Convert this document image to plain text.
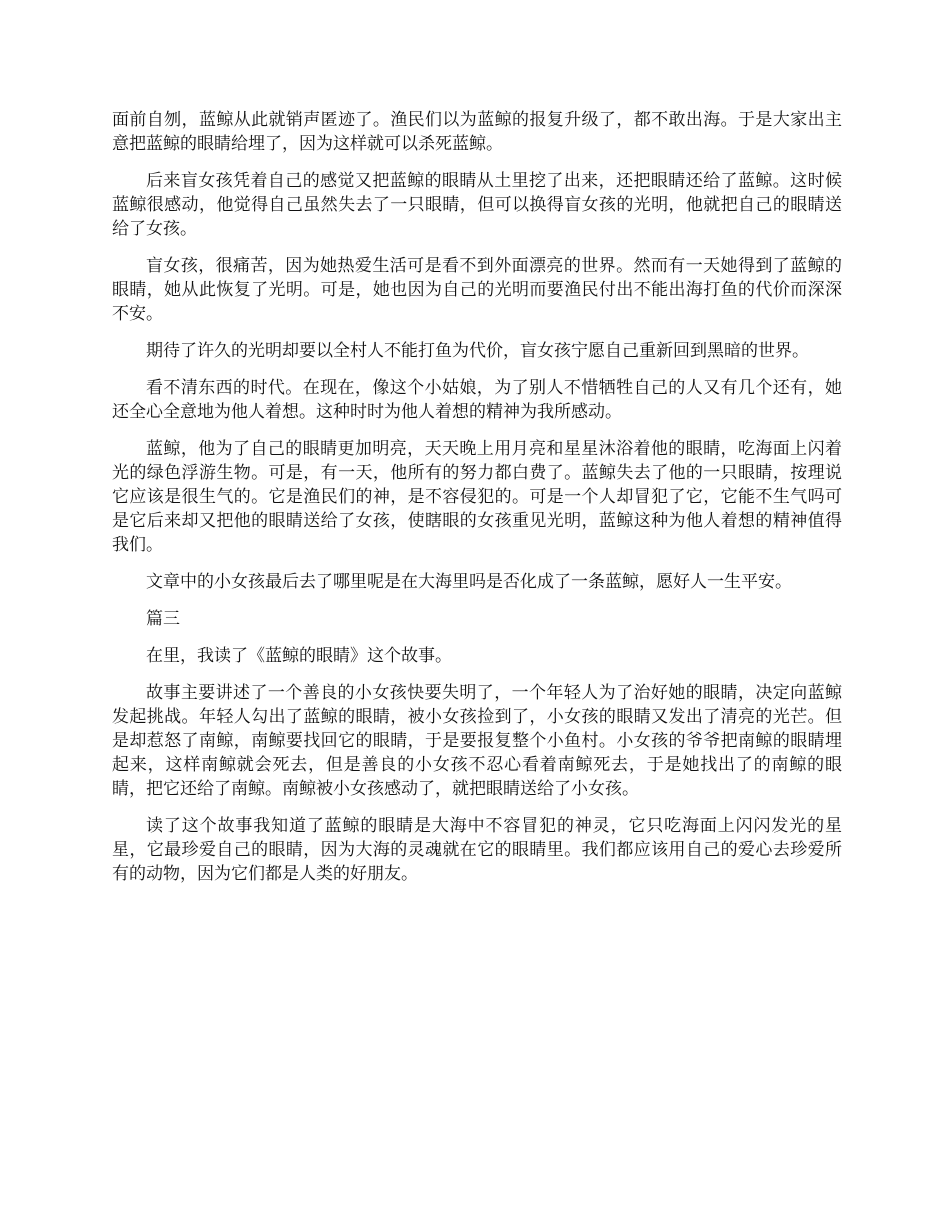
面前自刎，蓝鲸从此就销声匿迹了。渔民们以为蓝鲸的报复升级了，都不敢出海。于是大家出主意把蓝鲸的眼睛给埋了，因为这样就可以杀死蓝鲸。

后来盲女孩凭着自己的感觉又把蓝鲸的眼睛从土里挖了出来，还把眼睛还给了蓝鲸。这时候蓝鲸很感动，他觉得自己虽然失去了一只眼睛，但可以换得盲女孩的光明，他就把自己的眼睛送给了女孩。

盲女孩，很痛苦，因为她热爱生活可是看不到外面漂亮的世界。然而有一天她得到了蓝鲸的眼睛，她从此恢复了光明。可是，她也因为自己的光明而要渔民付出不能出海打鱼的代价而深深不安。

期待了许久的光明却要以全村人不能打鱼为代价，盲女孩宁愿自己重新回到黑暗的世界。

看不清东西的时代。在现在，像这个小姑娘，为了别人不惜牺牲自己的人又有几个还有，她还全心全意地为他人着想。这种时时为他人着想的精神为我所感动。

蓝鲸，他为了自己的眼睛更加明亮，天天晚上用月亮和星星沐浴着他的眼睛，吃海面上闪着光的绿色浮游生物。可是，有一天，他所有的努力都白费了。蓝鲸失去了他的一只眼睛，按理说它应该是很生气的。它是渔民们的神，是不容侵犯的。可是一个人却冒犯了它，它能不生气吗可是它后来却又把他的眼睛送给了女孩，使瞎眼的女孩重见光明，蓝鲸这种为他人着想的精神值得我们。

文章中的小女孩最后去了哪里呢是在大海里吗是否化成了一条蓝鲸，愿好人一生平安。

篇三

在里，我读了《蓝鲸的眼睛》这个故事。

故事主要讲述了一个善良的小女孩快要失明了，一个年轻人为了治好她的眼睛，决定向蓝鲸发起挑战。年轻人勾出了蓝鲸的眼睛，被小女孩捡到了，小女孩的眼睛又发出了清亮的光芒。但是却惹怒了南鲸，南鲸要找回它的眼睛，于是要报复整个小鱼村。小女孩的爷爷把南鲸的眼睛埋起来，这样南鲸就会死去，但是善良的小女孩不忍心看着南鲸死去，于是她找出了的南鲸的眼睛，把它还给了南鲸。南鲸被小女孩感动了，就把眼睛送给了小女孩。

读了这个故事我知道了蓝鲸的眼睛是大海中不容冒犯的神灵，它只吃海面上闪闪发光的星星，它最珍爱自己的眼睛，因为大海的灵魂就在它的眼睛里。我们都应该用自己的爱心去珍爱所有的动物，因为它们都是人类的好朋友。
